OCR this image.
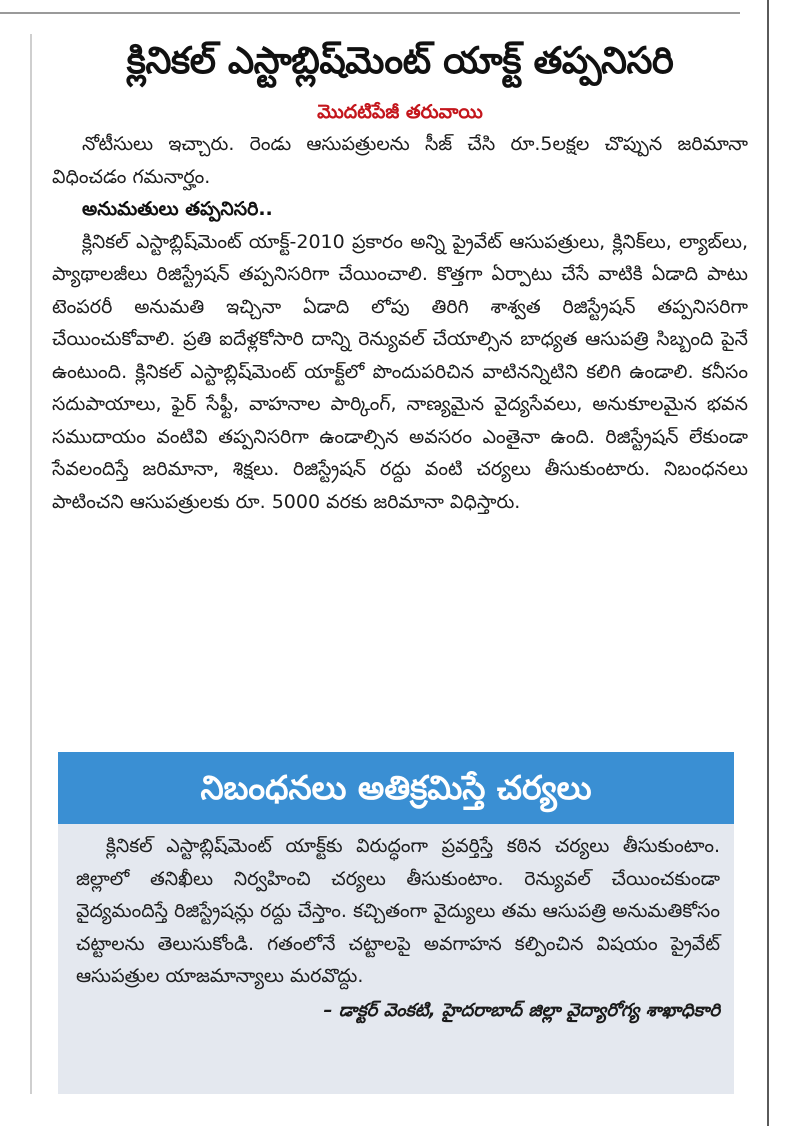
క్లినికల్ ఎస్టాబ్లిష్‌మెంట్ యాక్ట్ తప్పనిసరి
మొదటిపేజీ తరువాయి

నోటీసులు ఇచ్చారు. రెండు ఆసుపత్రులను సీజ్ చేసి రూ.5లక్షల చొప్పున జరిమానా విధించడం గమనార్హం.

అనుమతులు తప్పనిసరి..

క్లినికల్ ఎస్టాబ్లిష్‌మెంట్ యాక్ట్-2010 ప్రకారం అన్ని ప్రైవేట్ ఆసుపత్రులు, క్లినిక్‌లు, ల్యాబ్‌లు, ప్యాథాలజీలు రిజిస్ట్రేషన్ తప్పనిసరిగా చేయించాలి. కొత్తగా ఏర్పాటు చేసే వాటికి ఏడాది పాటు టెంపరరీ అనుమతి ఇచ్చినా ఏడాది లోపు తిరిగి శాశ్వత రిజిస్ట్రేషన్ తప్పనిసరిగా చేయించుకోవాలి. ప్రతి ఐదేళ్లకోసారి దాన్ని రెన్యువల్ చేయాల్సిన బాధ్యత ఆసుపత్రి సిబ్బంది పైనే ఉంటుంది. క్లినికల్ ఎస్టాబ్లిష్‌మెంట్ యాక్ట్‌లో పొందుపరిచిన వాటినన్నిటిని కలిగి ఉండాలి. కనీసం సదుపాయాలు, ఫైర్ సేఫ్టీ, వాహనాల పార్కింగ్, నాణ్యమైన వైద్యసేవలు, అనుకూలమైన భవన సముదాయం వంటివి తప్పనిసరిగా ఉండాల్సిన అవసరం ఎంతైనా ఉంది. రిజిస్ట్రేషన్ లేకుండా సేవలందిస్తే జరిమానా, శిక్షలు. రిజిస్ట్రేషన్ రద్దు వంటి చర్యలు తీసుకుంటారు. నిబంధనలు పాటించని ఆసుపత్రులకు రూ. 5000 వరకు జరిమానా విధిస్తారు.

నిబంధనలు అతిక్రమిస్తే చర్యలు

క్లినికల్ ఎస్టాబ్లిష్‌మెంట్ యాక్ట్‌కు విరుద్ధంగా ప్రవర్తిస్తే కఠిన చర్యలు తీసుకుంటాం. జిల్లాలో తనిఖీలు నిర్వహించి చర్యలు తీసుకుంటాం. రెన్యువల్ చేయించకుండా వైద్యమందిస్తే రిజిస్ట్రేషన్లు రద్దు చేస్తాం. కచ్చితంగా వైద్యులు తమ ఆసుపత్రి అనుమతికోసం చట్టాలను తెలుసుకోండి. గతంలోనే చట్టాలపై అవగాహన కల్పించిన విషయం ప్రైవేట్ ఆసుపత్రుల యాజమాన్యాలు మరవొద్దు.

– డాక్టర్ వెంకటి, హైదరాబాద్ జిల్లా వైద్యారోగ్య శాఖాధికారి
